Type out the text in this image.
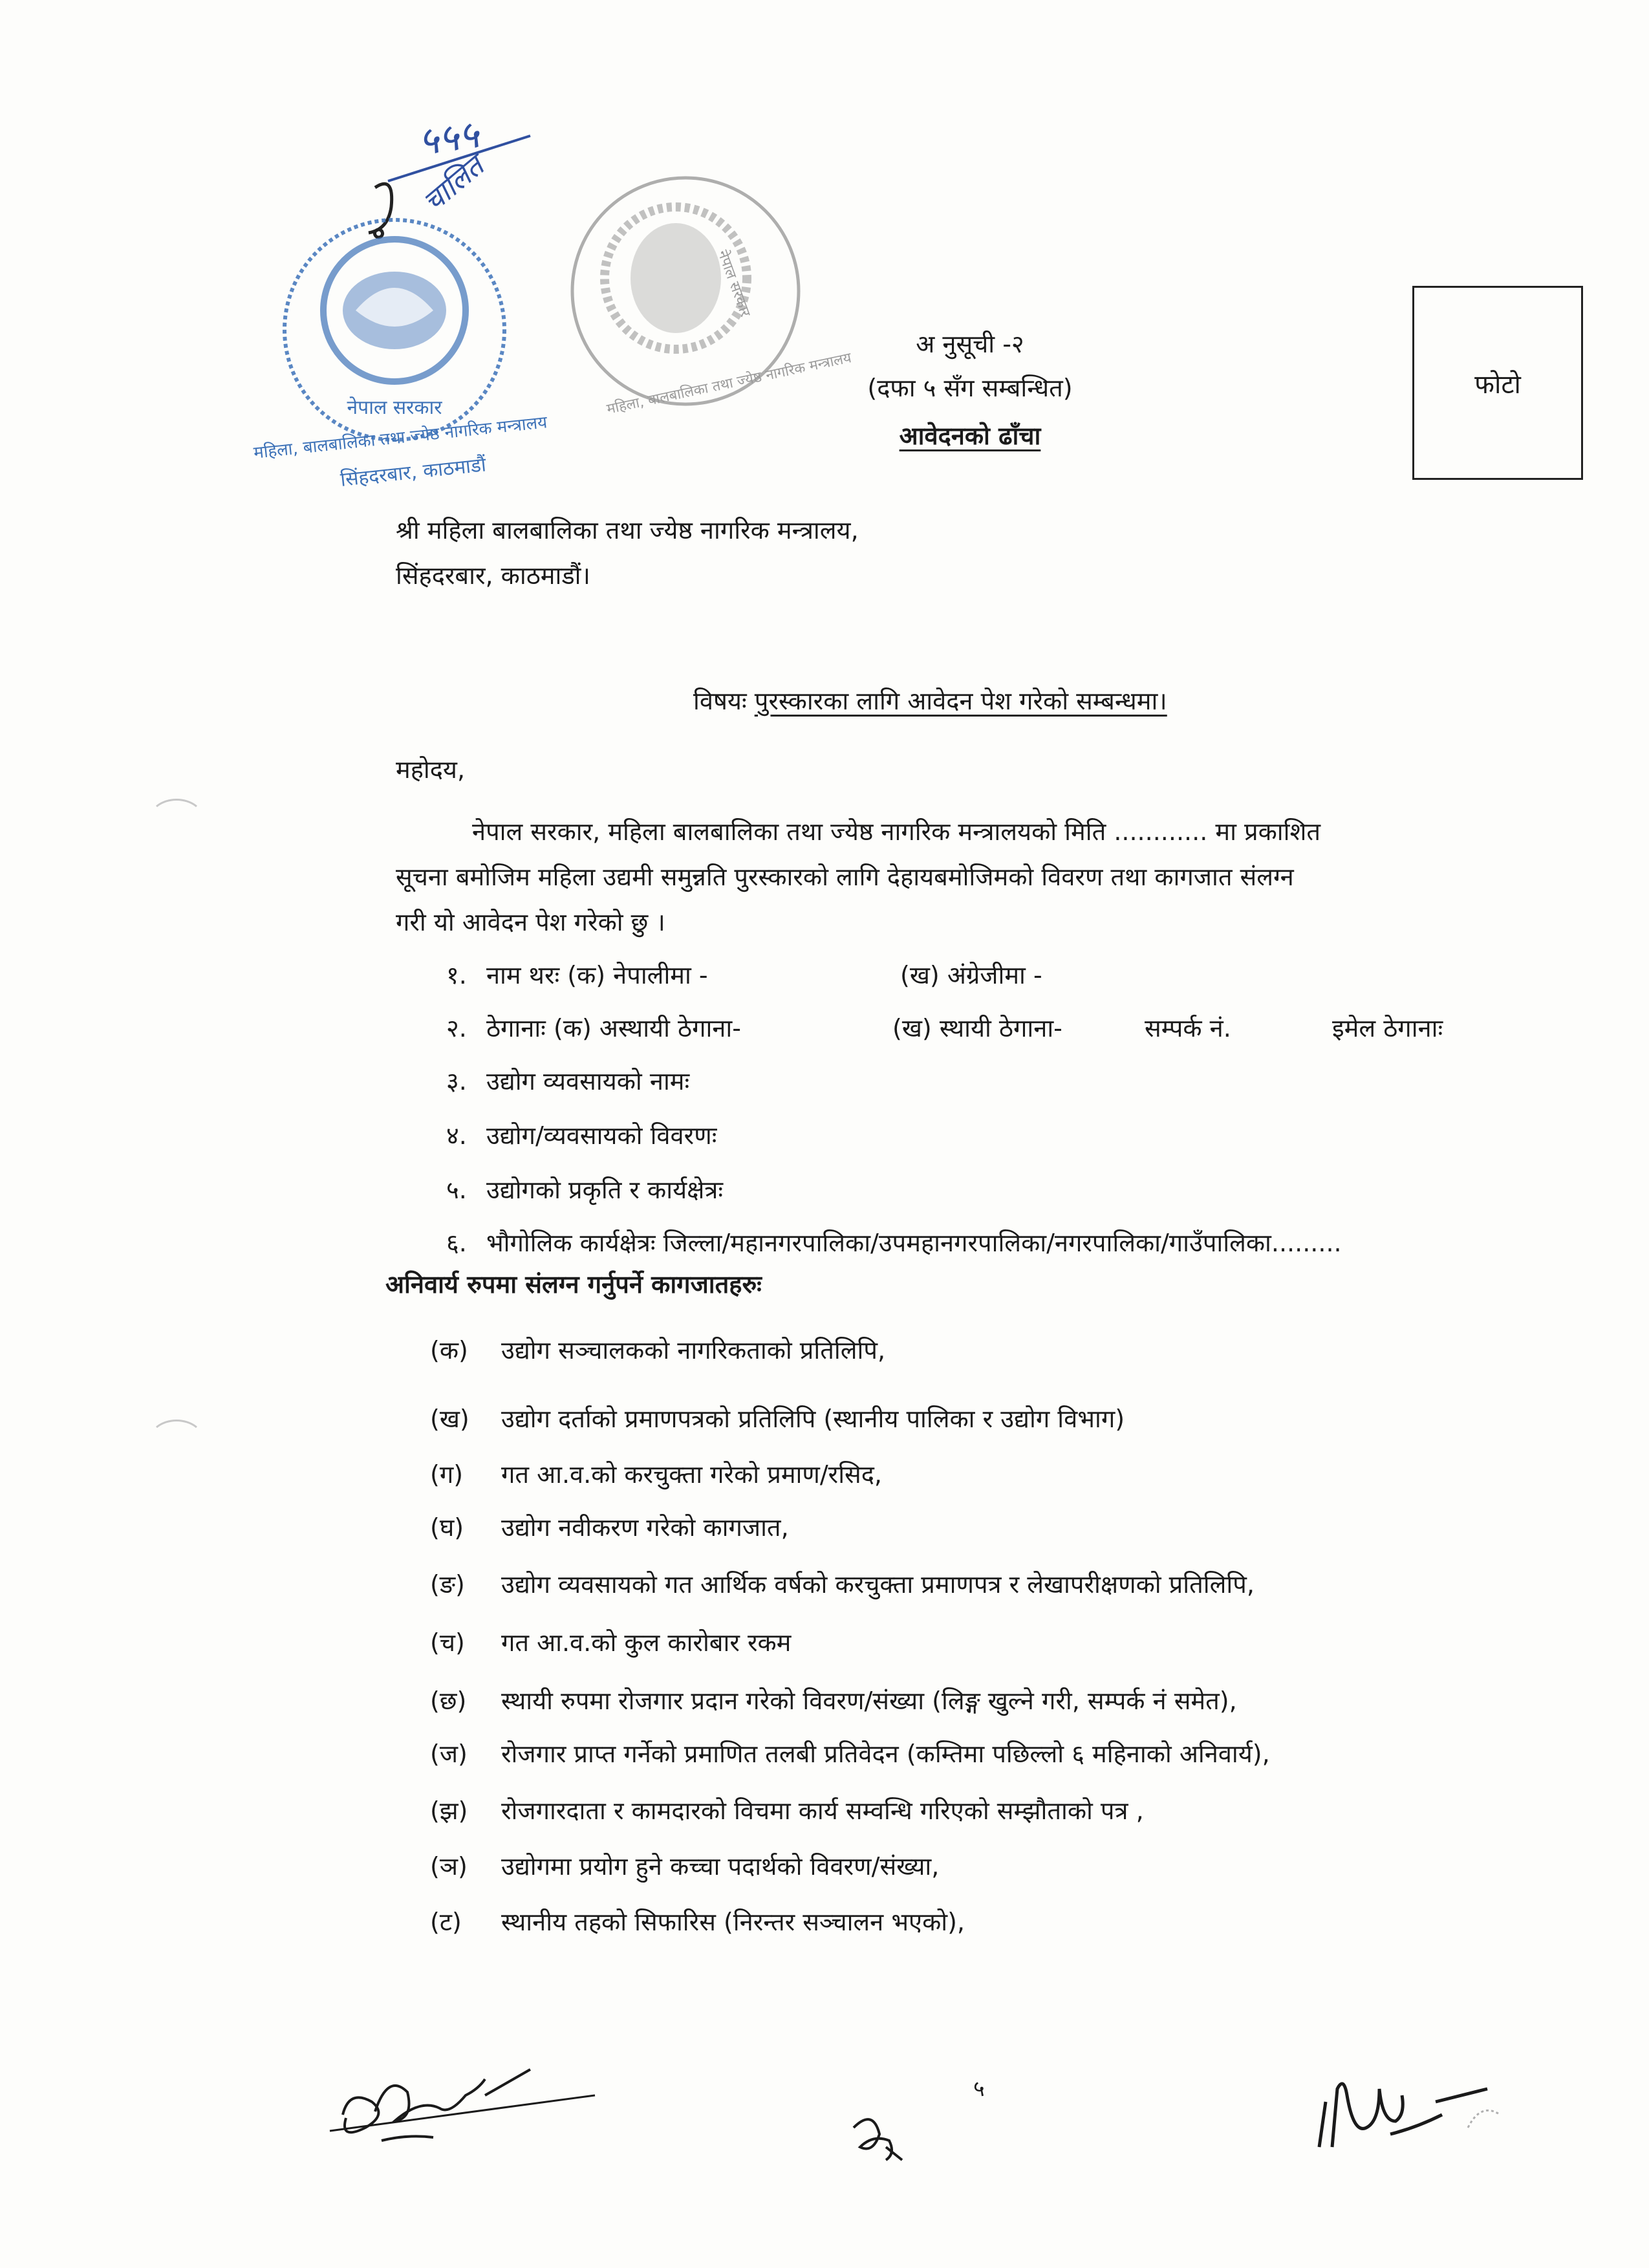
५५५
चालित
नेपाल सरकार
महिला, बालबालिका तथा ज्येष्ठ नागरिक मन्त्रालय
सिंहदरबार, काठमाडौं
नेपाल सरकार
महिला, बालबालिका तथा ज्येष्ठ नागरिक मन्त्रालय
अ नुसूची -२
(दफा ५ सँग सम्बन्धित)
आवेदनको ढाँचा
फोटो
श्री महिला बालबालिका तथा ज्येष्ठ नागरिक मन्त्रालय,
सिंहदरबार, काठमाडौं।
विषयः पुरस्कारका लागि आवेदन पेश गरेको सम्बन्धमा।
महोदय,
नेपाल सरकार, महिला बालबालिका तथा ज्येष्ठ नागरिक मन्त्रालयको मिति ............ मा प्रकाशित
सूचना बमोजिम महिला उद्यमी समुन्नति पुरस्कारको लागि देहायबमोजिमको विवरण तथा कागजात संलग्न
गरी यो आवेदन पेश गरेको छु ।
१. नाम थरः (क) नेपालीमा -	(ख) अंग्रेजीमा -
२. ठेगानाः (क) अस्थायी ठेगाना-	(ख) स्थायी ठेगाना-	सम्पर्क नं.	इमेल ठेगानाः
३. उद्योग व्यवसायको नामः
४. उद्योग/व्यवसायको विवरणः
५. उद्योगको प्रकृति र कार्यक्षेत्रः
६. भौगोलिक कार्यक्षेत्रः जिल्ला/महानगरपालिका/उपमहानगरपालिका/नगरपालिका/गाउँपालिका.........
अनिवार्य रुपमा संलग्न गर्नुपर्ने कागजातहरुः
(क) उद्योग सञ्चालकको नागरिकताको प्रतिलिपि,
(ख) उद्योग दर्ताको प्रमाणपत्रको प्रतिलिपि (स्थानीय पालिका र उद्योग विभाग)
(ग) गत आ.व.को करचुक्ता गरेको प्रमाण/रसिद,
(घ) उद्योग नवीकरण गरेको कागजात,
(ङ) उद्योग व्यवसायको गत आर्थिक वर्षको करचुक्ता प्रमाणपत्र र लेखापरीक्षणको प्रतिलिपि,
(च) गत आ.व.को कुल कारोबार रकम
(छ) स्थायी रुपमा रोजगार प्रदान गरेको विवरण/संख्या (लिङ्ग खुल्ने गरी, सम्पर्क नं समेत),
(ज) रोजगार प्राप्त गर्नेको प्रमाणित तलबी प्रतिवेदन (कम्तिमा पछिल्लो ६ महिनाको अनिवार्य),
(झ) रोजगारदाता र कामदारको विचमा कार्य सम्वन्धि गरिएको सम्झौताको पत्र ,
(ञ) उद्योगमा प्रयोग हुने कच्चा पदार्थको विवरण/संख्या,
(ट) स्थानीय तहको सिफारिस (निरन्तर सञ्चालन भएको),
५
